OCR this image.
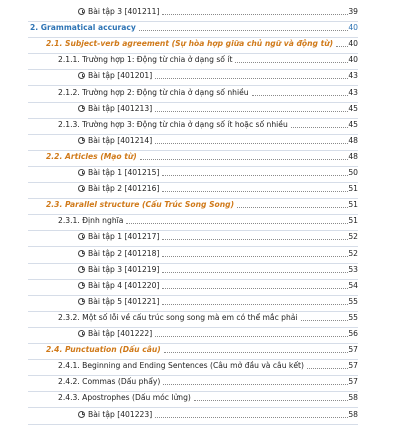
Bài tập 3 [401211]	39
2. Grammatical accuracy	40
2.1. Subject-verb agreement (Sự hòa hợp giữa chủ ngữ và động từ) 40
2.1.1. Trường hợp 1: Động từ chia ở dạng số ít	40
Bài tập [401201]	43
2.1.2. Trường hợp 2: Động từ chia ở dạng số nhiều	43
Bài tập [401213]	45
2.1.3. Trường hợp 3: Động từ chia ở dạng số ít hoặc số nhiều	45
Bài tập [401214]	48
2.2. Articles (Mạo từ)	48
Bài tập 1 [401215]	50
Bài tập 2 [401216]	51
2.3. Parallel structure (Cấu Trúc Song Song)	51
2.3.1. Định nghĩa	51
Bài tập 1 [401217]	52
Bài tập 2 [401218]	52
Bài tập 3 [401219]	53
Bài tập 4 [401220]	54
Bài tập 5 [401221]	55
2.3.2. Một số lỗi về cấu trúc song song mà em có thể mắc phải	55
Bài tập [401222]	56
2.4. Punctuation (Dấu câu)	57
2.4.1. Beginning and Ending Sentences (Câu mở đầu và câu kết)	57
2.4.2. Commas (Dấu phẩy)	57
2.4.3. Apostrophes (Dấu móc lửng)	58
Bài tập [401223]	58
